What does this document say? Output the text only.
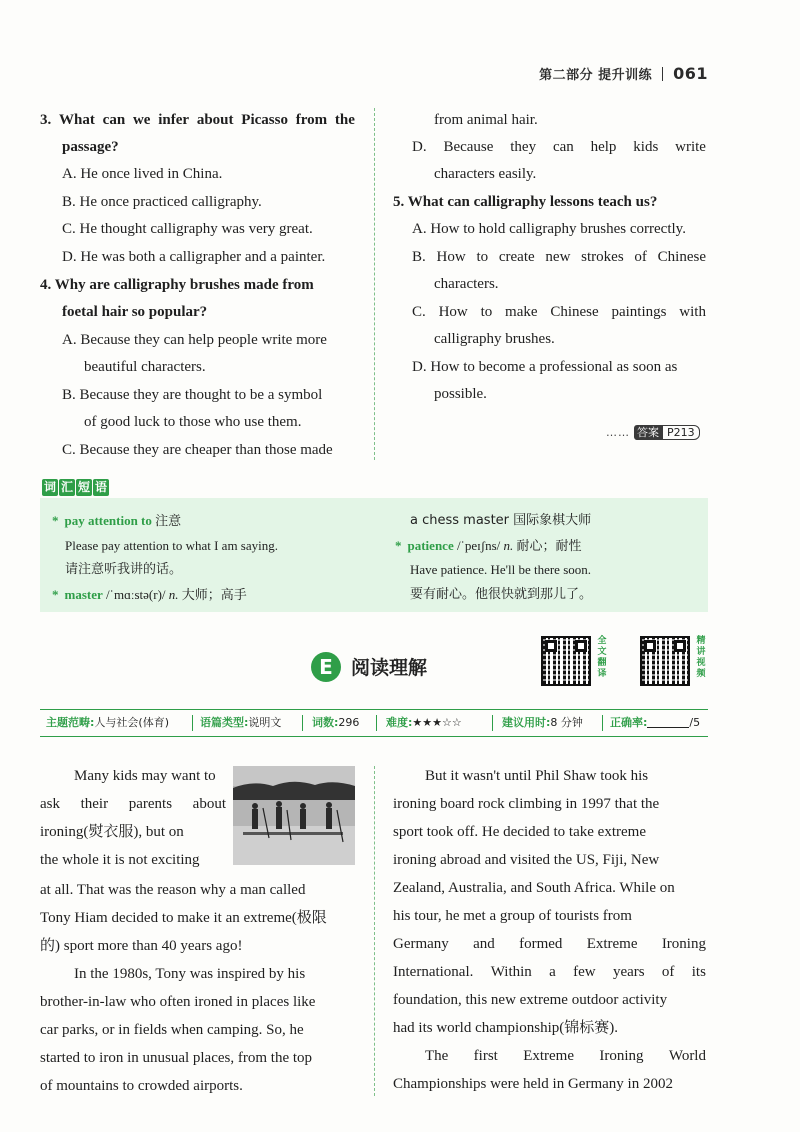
第二部分 提升训练 061
3. What can we infer about Picasso from the
passage?
A. He once lived in China.
B. He once practiced calligraphy.
C. He thought calligraphy was very great.
D. He was both a calligrapher and a painter.
4. Why are calligraphy brushes made from
foetal hair so popular?
A. Because they can help people write more
beautiful characters.
B. Because they are thought to be a symbol
of good luck to those who use them.
C. Because they are cheaper than those made
from animal hair.
D. Because they can help kids write
characters easily.
5. What can calligraphy lessons teach us?
A. How to hold calligraphy brushes correctly.
B. How to create new strokes of Chinese
characters.
C. How to make Chinese paintings with
calligraphy brushes.
D. How to become a professional as soon as
possible.
…… 答案 P213
词 汇 短 语
* pay attention to 注意
Please pay attention to what I am saying.
请注意听我讲的话。
* master /ˈmɑːstə(r)/ n. 大师；高手
a chess master 国际象棋大师
* patience /ˈpeɪʃns/ n. 耐心；耐性
Have patience. He'll be there soon.
要有耐心。他很快就到那儿了。
E 阅读理解
全
文
翻
译
精
讲
视
频
主题范畴:人与社会(体育)	语篇类型:说明文	词数:296 难度:★★★☆☆	建议用时:8 分钟 正确率:	/5
Many kids may want to
ask their parents about
ironing(熨衣服), but on
the whole it is not exciting
at all. That was the reason why a man called
Tony Hiam decided to make it an extreme(极限
的) sport more than 40 years ago!
In the 1980s, Tony was inspired by his
brother-in-law who often ironed in places like
car parks, or in fields when camping. So, he
started to iron in unusual places, from the top
of mountains to crowded airports.
But it wasn't until Phil Shaw took his
ironing board rock climbing in 1997 that the
sport took off. He decided to take extreme
ironing abroad and visited the US, Fiji, New
Zealand, Australia, and South Africa. While on
his tour, he met a group of tourists from
Germany and formed Extreme Ironing
International. Within a few years of its
foundation, this new extreme outdoor activity
had its world championship(锦标赛).
The first Extreme Ironing World
Championships were held in Germany in 2002
